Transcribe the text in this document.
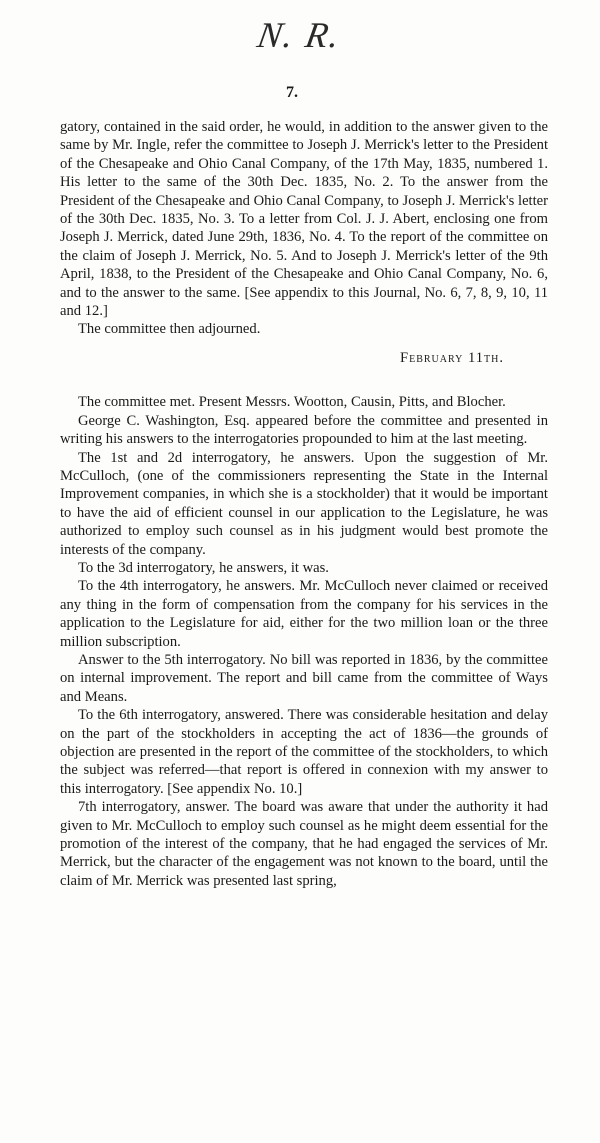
N. R.
7.

gatory, contained in the said order, he would, in addition to the answer given to the same by Mr. Ingle, refer the committee to Joseph J. Merrick's letter to the President of the Chesapeake and Ohio Canal Company, of the 17th May, 1835, numbered 1. His letter to the same of the 30th Dec. 1835, No. 2. To the answer from the President of the Chesapeake and Ohio Canal Company, to Joseph J. Merrick's letter of the 30th Dec. 1835, No. 3. To a letter from Col. J. J. Abert, enclosing one from Joseph J. Merrick, dated June 29th, 1836, No. 4. To the report of the committee on the claim of Joseph J. Merrick, No. 5. And to Joseph J. Merrick's letter of the 9th April, 1838, to the President of the Chesapeake and Ohio Canal Company, No. 6, and to the answer to the same. [See appendix to this Journal, No. 6, 7, 8, 9, 10, 11 and 12.]

The committee then adjourned.

February 11th.

The committee met. Present Messrs. Wootton, Causin, Pitts, and Blocher.

George C. Washington, Esq. appeared before the committee and presented in writing his answers to the interrogatories propounded to him at the last meeting.

The 1st and 2d interrogatory, he answers. Upon the suggestion of Mr. McCulloch, (one of the commissioners representing the State in the Internal Improvement companies, in which she is a stockholder) that it would be important to have the aid of efficient counsel in our application to the Legislature, he was authorized to employ such counsel as in his judgment would best promote the interests of the company.

To the 3d interrogatory, he answers, it was.

To the 4th interrogatory, he answers. Mr. McCulloch never claimed or received any thing in the form of compensation from the company for his services in the application to the Legislature for aid, either for the two million loan or the three million subscription.

Answer to the 5th interrogatory. No bill was reported in 1836, by the committee on internal improvement. The report and bill came from the committee of Ways and Means.

To the 6th interrogatory, answered. There was considerable hesitation and delay on the part of the stockholders in accepting the act of 1836—the grounds of objection are presented in the report of the committee of the stockholders, to which the subject was referred—that report is offered in connexion with my answer to this interrogatory. [See appendix No. 10.]

7th interrogatory, answer. The board was aware that under the authority it had given to Mr. McCulloch to employ such counsel as he might deem essential for the promotion of the interest of the company, that he had engaged the services of Mr. Merrick, but the character of the engagement was not known to the board, until the claim of Mr. Merrick was presented last spring,
